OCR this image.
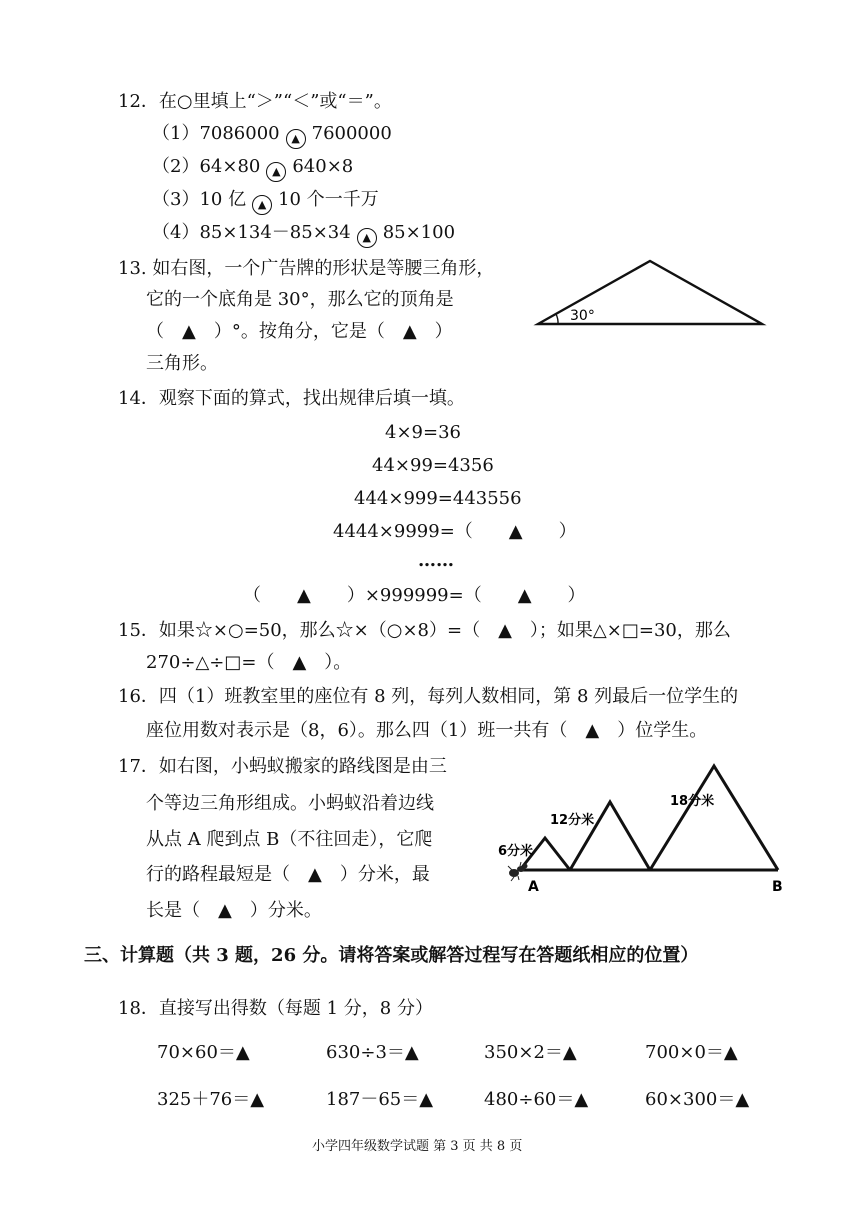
12．在○里填上“＞”“＜”或“＝”。
（1）7086000 ▲ 7600000
（2）64×80 ▲ 640×8
（3）10 亿 ▲ 10 个一千万
（4）85×134－85×34 ▲ 85×100
13. 如右图，一个广告牌的形状是等腰三角形，
它的一个底角是 30°，那么它的顶角是
（　▲　）°。按角分，它是（　▲　）
三角形。
30°
14．观察下面的算式，找出规律后填一填。
4×9=36
44×99=4356
444×999=443556
4444×9999=（　　▲　　）
……
（　　▲　　）×999999=（　　▲　　）
15．如果☆×○=50，那么☆×（○×8）=（　▲　）；如果△×□=30，那么
270÷△÷□=（　▲　）。
16．四（1）班教室里的座位有 8 列，每列人数相同，第 8 列最后一位学生的
座位用数对表示是（8，6）。那么四（1）班一共有（　▲　）位学生。
17．如右图，小蚂蚁搬家的路线图是由三
个等边三角形组成。小蚂蚁沿着边线
从点 A 爬到点 B（不往回走），它爬
行的路程最短是（　▲　）分米，最
长是（　▲　）分米。
A	B
6分米
12分米
18分米
三、计算题（共 3 题，26 分。请将答案或解答过程写在答题纸相应的位置）
18．直接写出得数（每题 1 分，8 分）
70×60＝▲	630÷3＝▲	350×2＝▲	700×0＝▲
325＋76＝▲	187－65＝▲	480÷60＝▲	60×300＝▲
小学四年级数学试题 第 3 页 共 8 页
